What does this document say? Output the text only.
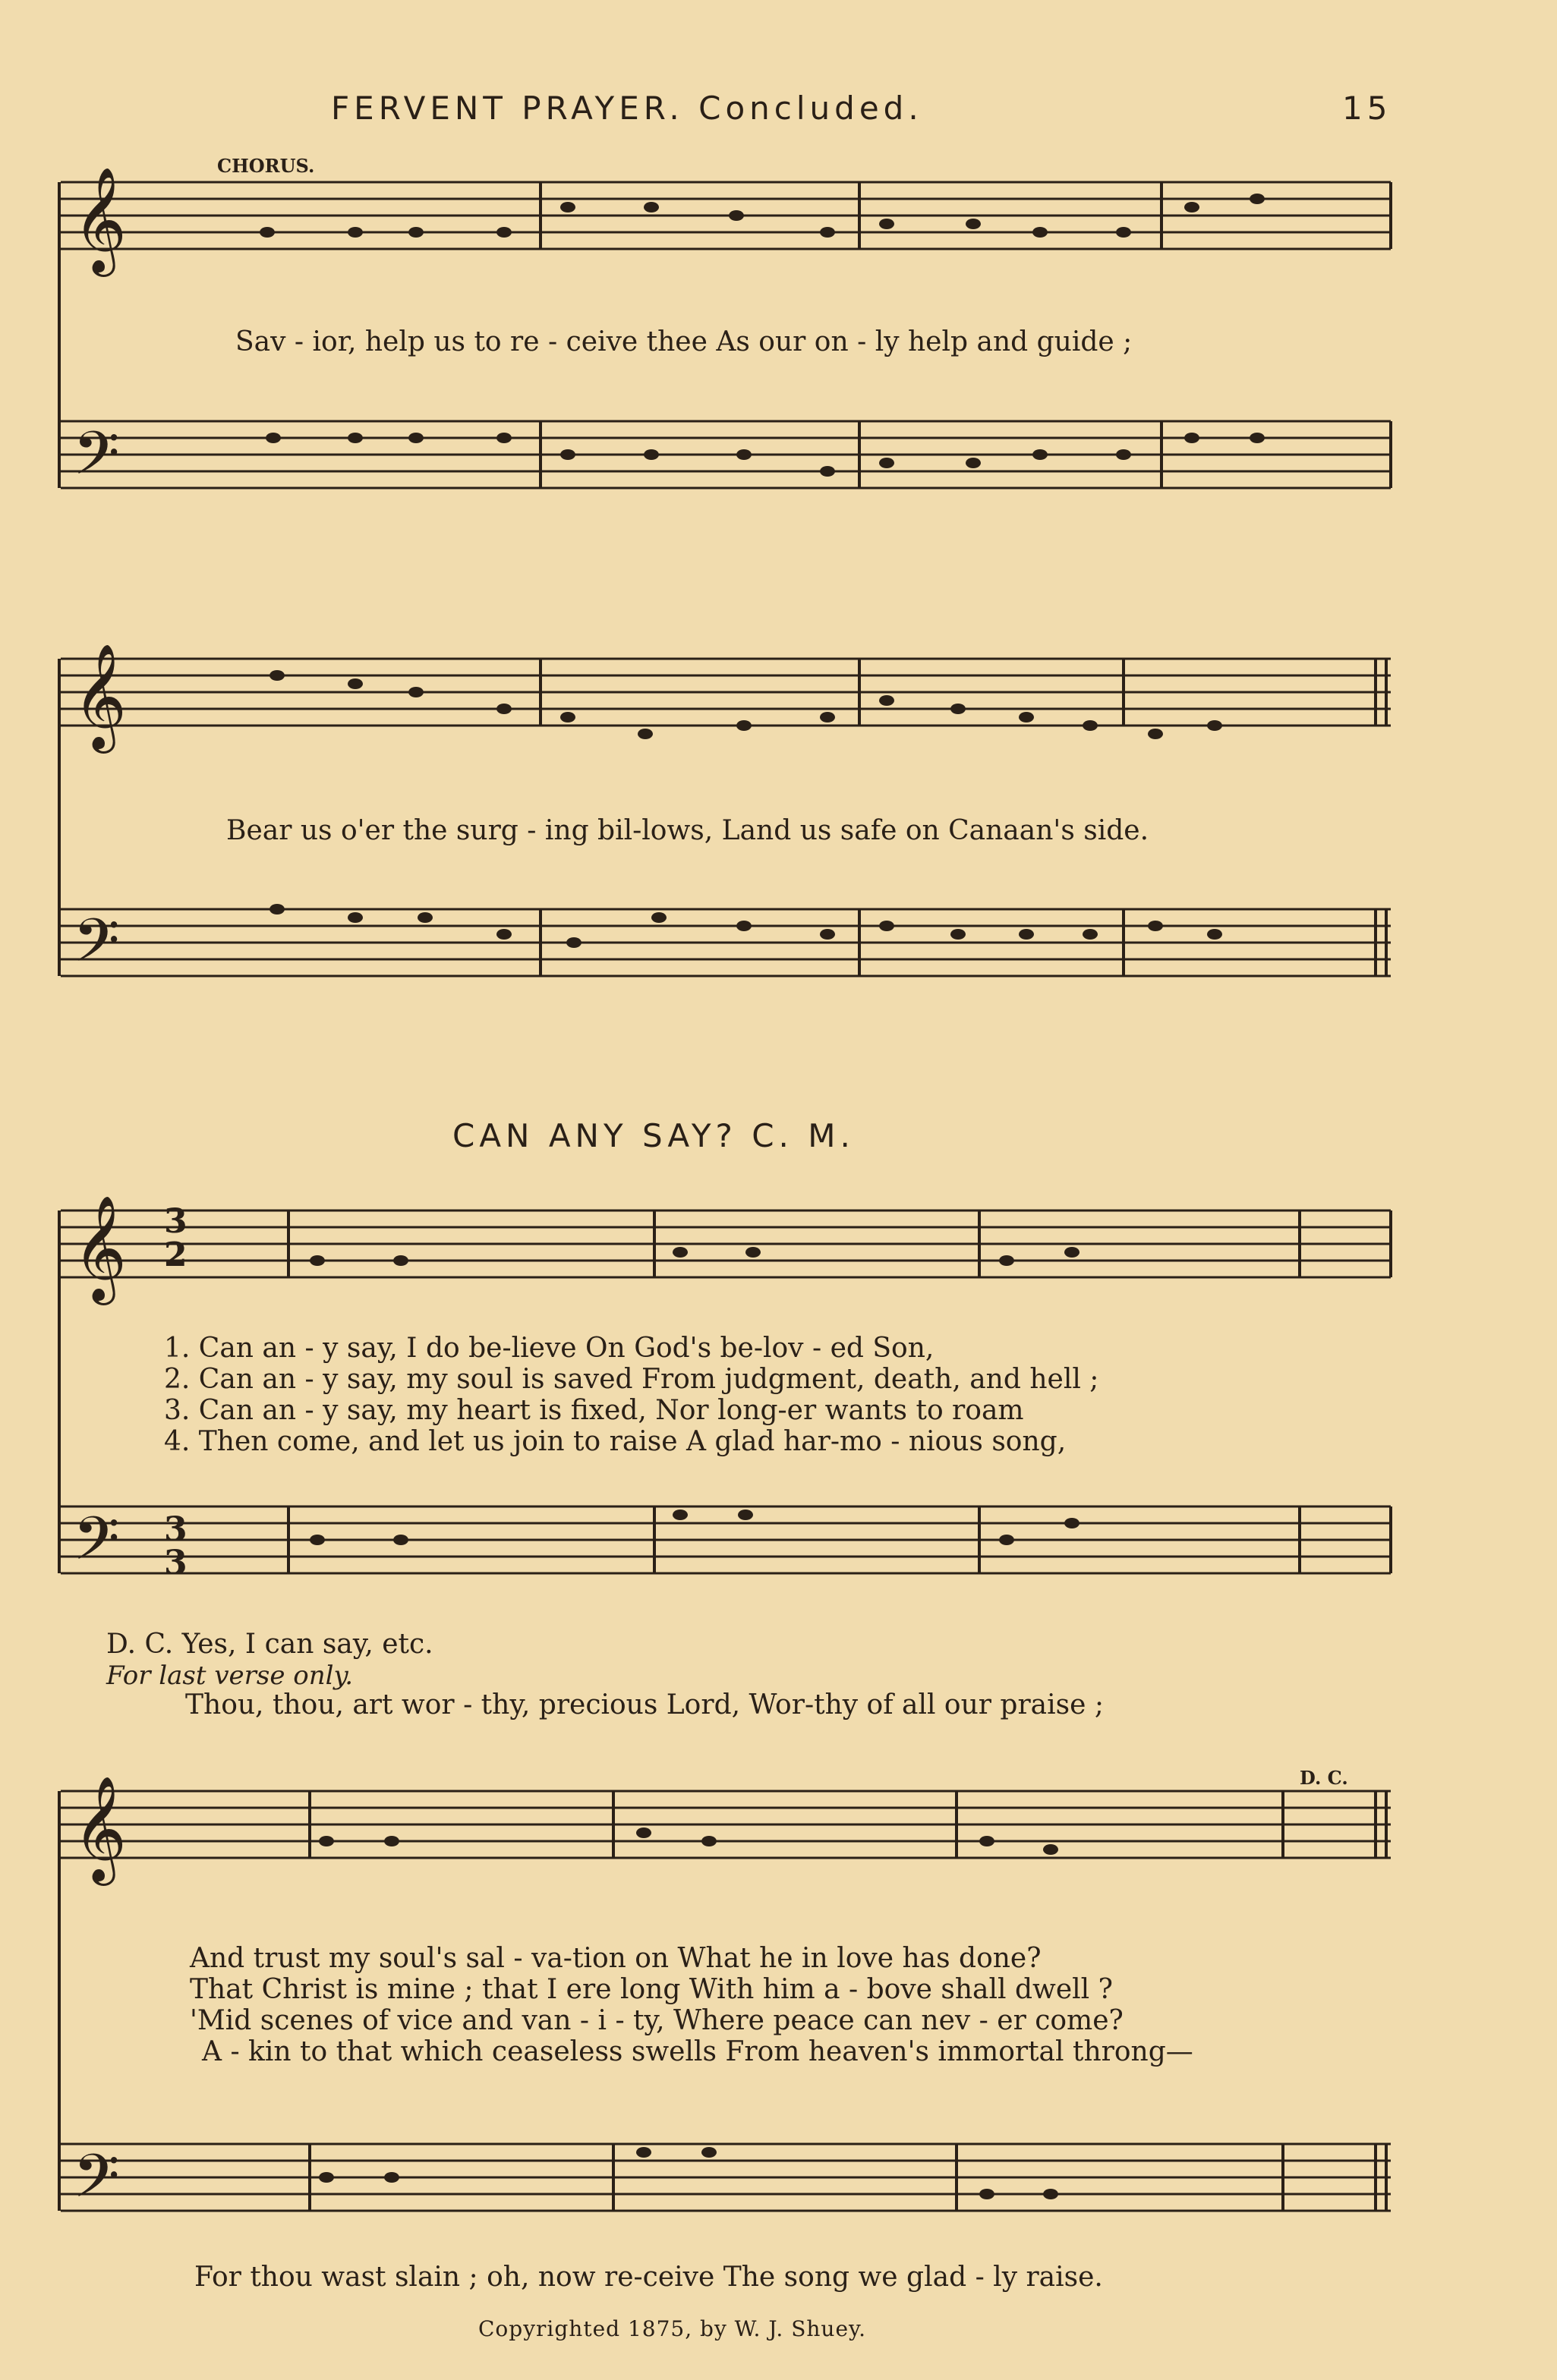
FERVENT PRAYER. Concluded.	15
𝄞
𝄢
𝄞
𝄢
𝄞 3
2
𝄢 3
3
𝄞
𝄢
CHORUS.
Sav - ior, help us to re - ceive thee As our on - ly help and guide ;
Bear us o'er the surg - ing bil-lows, Land us safe on Canaan's side.
CAN ANY SAY? C. M.
1. Can an - y say, I do be-lieve On God's be-lov - ed Son,
2. Can an - y say, my soul is saved From judgment, death, and hell ;
3. Can an - y say, my heart is fixed, Nor long-er wants to roam
4. Then come, and let us join to raise A glad har-mo - nious song,
D. C. Yes, I can say, etc.
For last verse only.
Thou, thou, art wor - thy, precious Lord, Wor-thy of all our praise ;
D. C.
And trust my soul's sal - va-tion on What he in love has done?
That Christ is mine ; that I ere long With him a - bove shall dwell ?
'Mid scenes of vice and van - i - ty, Where peace can nev - er come?
A - kin to that which ceaseless swells From heaven's immortal throng—
For thou wast slain ; oh, now re-ceive The song we glad - ly raise.
Copyrighted 1875, by W. J. Shuey.
